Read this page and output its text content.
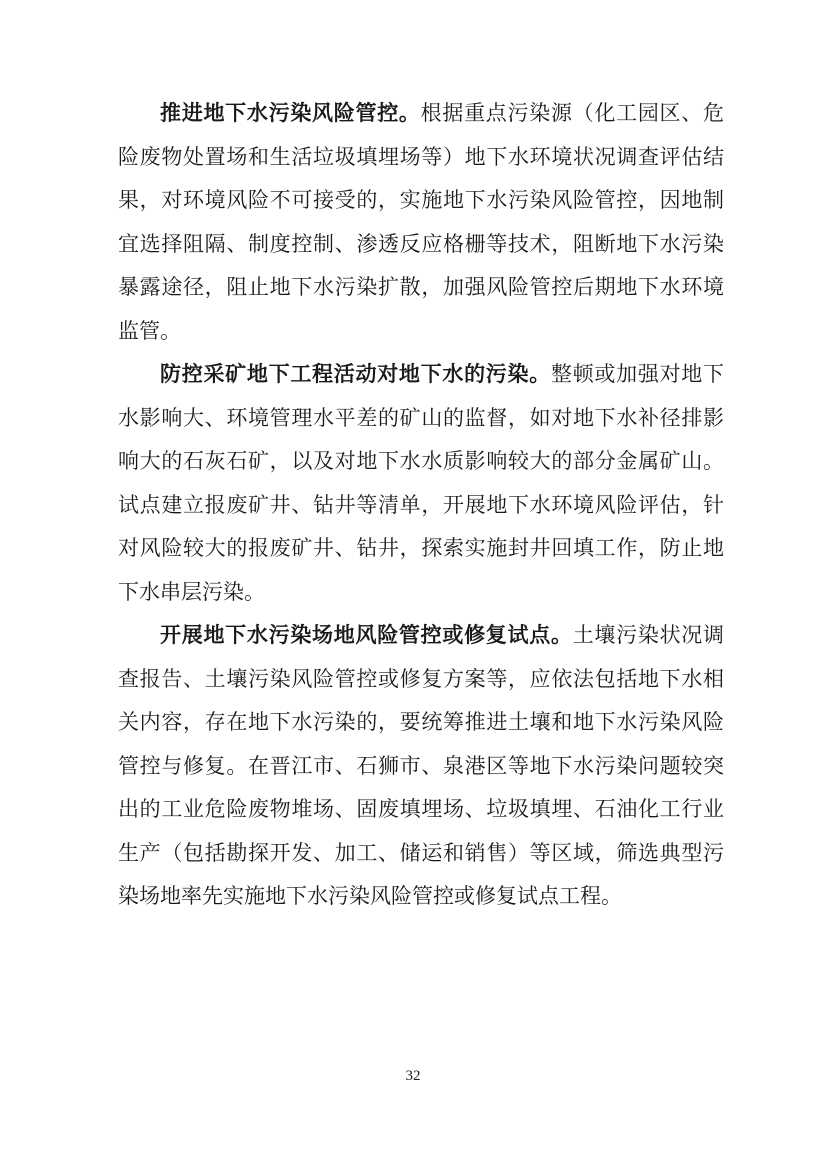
推进地下水污染风险管控。根据重点污染源（化工园区、危险废物处置场和生活垃圾填埋场等）地下水环境状况调查评估结果，对环境风险不可接受的，实施地下水污染风险管控，因地制宜选择阻隔、制度控制、渗透反应格栅等技术，阻断地下水污染暴露途径，阻止地下水污染扩散，加强风险管控后期地下水环境监管。

防控采矿地下工程活动对地下水的污染。整顿或加强对地下水影响大、环境管理水平差的矿山的监督，如对地下水补径排影响大的石灰石矿，以及对地下水水质影响较大的部分金属矿山。试点建立报废矿井、钻井等清单，开展地下水环境风险评估，针对风险较大的报废矿井、钻井，探索实施封井回填工作，防止地下水串层污染。

开展地下水污染场地风险管控或修复试点。土壤污染状况调查报告、土壤污染风险管控或修复方案等，应依法包括地下水相关内容，存在地下水污染的，要统筹推进土壤和地下水污染风险管控与修复。在晋江市、石狮市、泉港区等地下水污染问题较突出的工业危险废物堆场、固废填埋场、垃圾填埋、石油化工行业生产（包括勘探开发、加工、储运和销售）等区域，筛选典型污染场地率先实施地下水污染风险管控或修复试点工程。

32
